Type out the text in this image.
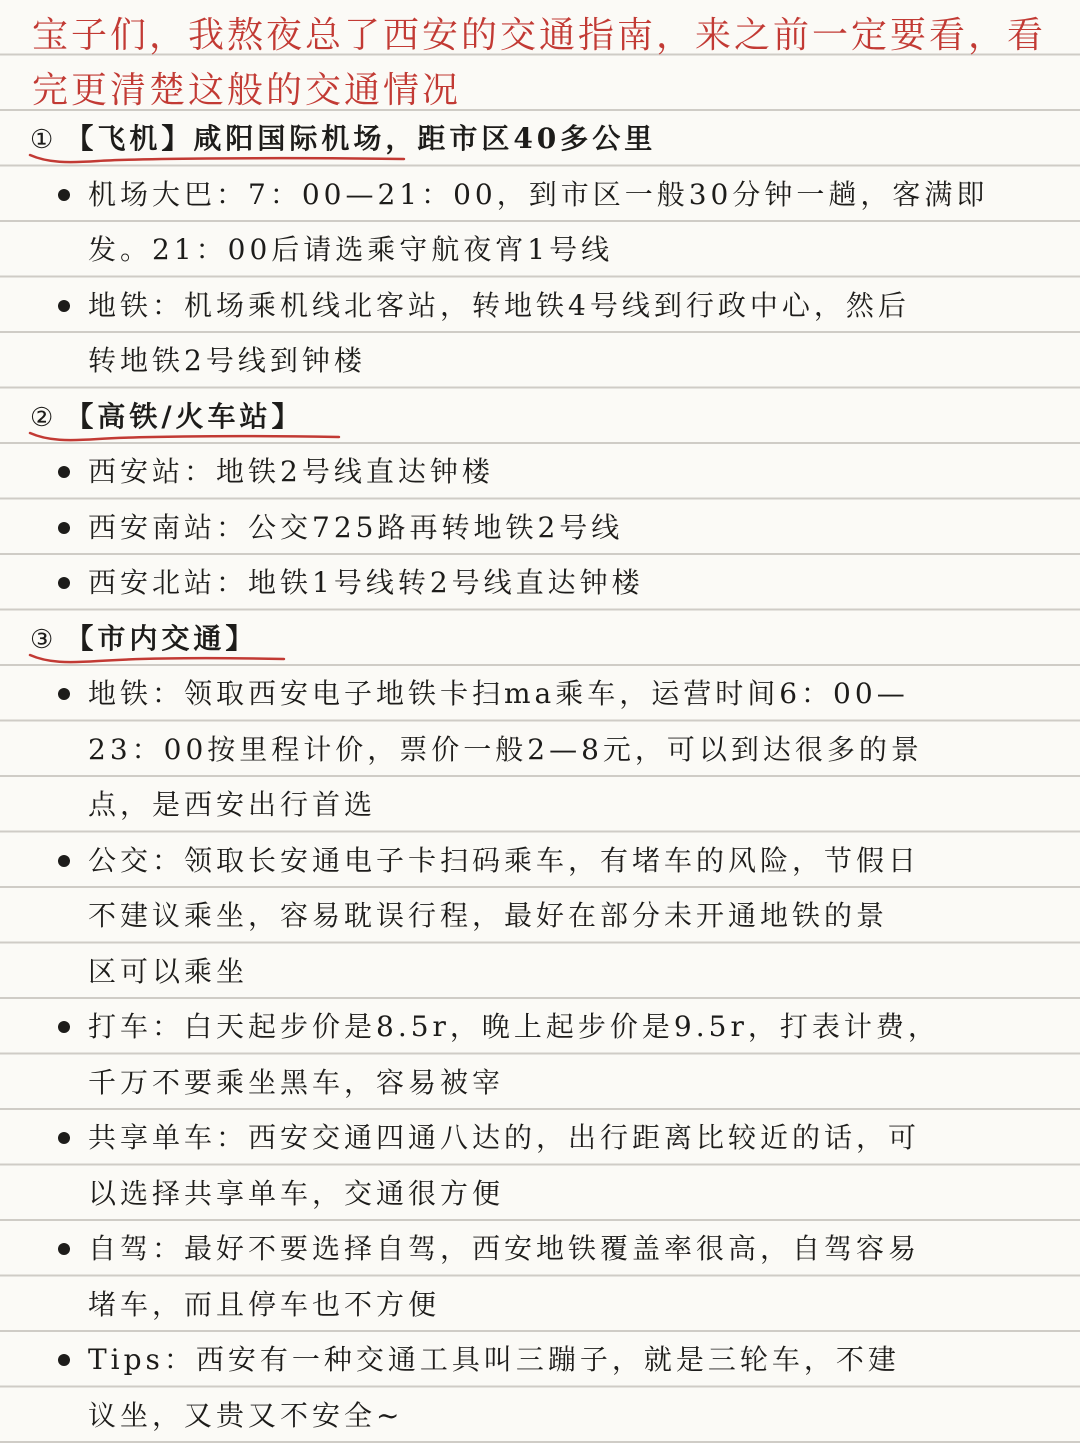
宝子们，我熬夜总了西安的交通指南，来之前一定要看，看完更清楚这般的交通情况
① 【飞机】咸阳国际机场，距市区40多公里
机场大巴：7：00—21：00，到市区一般30分钟一趟，客满即
发。21：00后请选乘守航夜宵1号线
地铁：机场乘机线北客站，转地铁4号线到行政中心，然后
转地铁2号线到钟楼
② 【高铁/火车站】
西安站：地铁2号线直达钟楼
西安南站：公交725路再转地铁2号线
西安北站：地铁1号线转2号线直达钟楼
③ 【市内交通】
地铁：领取西安电子地铁卡扫ma乘车，运营时间6：00—
23：00按里程计价，票价一般2—8元，可以到达很多的景
点，是西安出行首选
公交：领取长安通电子卡扫码乘车，有堵车的风险，节假日
不建议乘坐，容易耽误行程，最好在部分未开通地铁的景
区可以乘坐
打车：白天起步价是8.5r，晚上起步价是9.5r，打表计费，
千万不要乘坐黑车，容易被宰
共享单车：西安交通四通八达的，出行距离比较近的话，可
以选择共享单车，交通很方便
自驾：最好不要选择自驾，西安地铁覆盖率很高，自驾容易
堵车，而且停车也不方便
Tips：西安有一种交通工具叫三蹦子，就是三轮车，不建
议坐，又贵又不安全~
